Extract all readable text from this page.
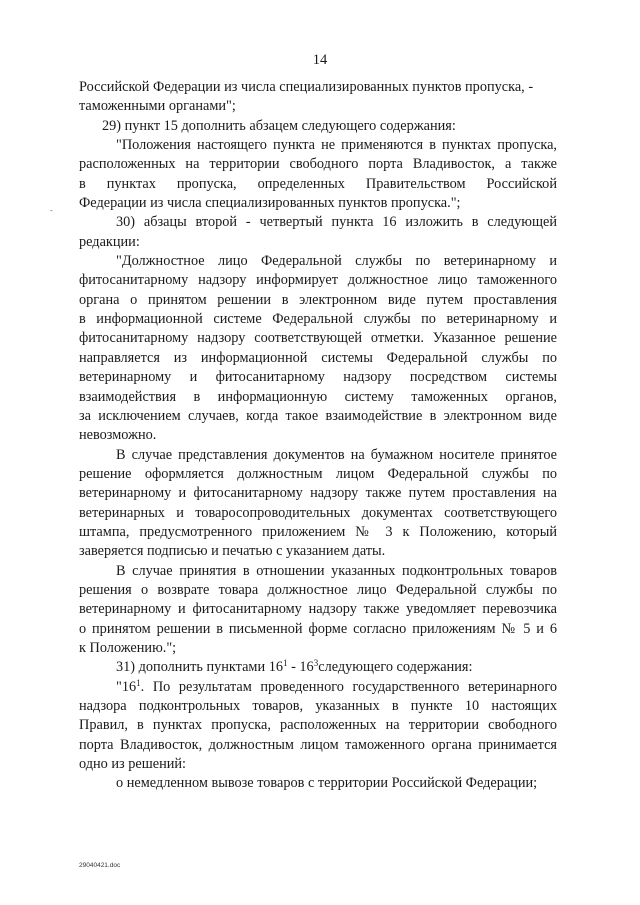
14
-
Российской Федерации из числа специализированных пунктов пропуска, -
таможенными органами";
29) пункт 15 дополнить абзацем следующего содержания:
"Положения настоящего пункта не применяются в пунктах пропуска,
расположенных на территории свободного порта Владивосток, а также
в пунктах пропуска, определенных Правительством Российской
Федерации из числа специализированных пунктов пропуска.";
30) абзацы второй - четвертый пункта 16 изложить в следующей
редакции:
"Должностное лицо Федеральной службы по ветеринарному и
фитосанитарному надзору информирует должностное лицо таможенного
органа о принятом решении в электронном виде путем проставления
в информационной системе Федеральной службы по ветеринарному и
фитосанитарному надзору соответствующей отметки. Указанное решение
направляется из информационной системы Федеральной службы по
ветеринарному и фитосанитарному надзору посредством системы
взаимодействия в информационную систему таможенных органов,
за исключением случаев, когда такое взаимодействие в электронном виде
невозможно.
В случае представления документов на бумажном носителе принятое
решение оформляется должностным лицом Федеральной службы по
ветеринарному и фитосанитарному надзору также путем проставления на
ветеринарных и товаросопроводительных документах соответствующего
штампа, предусмотренного приложением № 3 к Положению, который
заверяется подписью и печатью с указанием даты.
В случае принятия в отношении указанных подконтрольных товаров
решения о возврате товара должностное лицо Федеральной службы по
ветеринарному и фитосанитарному надзору также уведомляет перевозчика
о принятом решении в письменной форме согласно приложениям № 5 и 6
к Положению.";
31) дополнить пунктами $16^1$ - $16^3следующего$ содержания:
"$16^1$. По результатам проведенного государственного ветеринарного
надзора подконтрольных товаров, указанных в пункте 10 настоящих
Правил, в пунктах пропуска, расположенных на территории свободного
порта Владивосток, должностным лицом таможенного органа принимается
одно из решений:
о немедленном вывозе товаров с территории Российской Федерации;
29040421.doc
